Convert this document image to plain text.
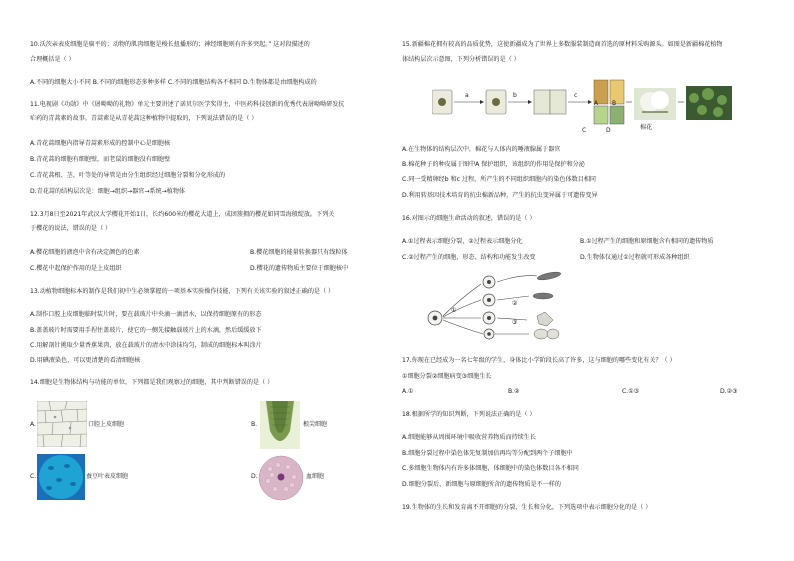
10.沃茨亲表皮细胞是扁平的；动物的肌肉细胞是梭长扭播形的；神经细胞则有许多突起。” 这对段描述的
合理概括是（ ）
A.不同的细胞大小不同 B.不同的细胞形态多种多样 C.不同的细胞结构各不相同 D.生物体都是由细胞构成的
11.电视剧《功勋》中《屠呦呦的礼物》单元主要讲述了诺贝尔医学奖得主，中医药科技创新的优秀代表屠呦呦研发抗
疟药的青蒿素的故事。青蒿素是从青花蒿这种植物中提取的，下列说法错误的是（ ）
A.青花蒿细胞内指导青蒿素形成的控制中心是细胞核
B.青花蒿的细胞有细胞壁，而老鼠的细胞没有细胞壁
C.青花蒿根、茎、叶等处的导管是由分生组织经过细胞分裂和分化形成的
D.青花蒿的结构层次是：细胞→组织→器官→系统→植物体
12.3月8日至2021年武汉大学樱花开始1日，长约600米的樱花大道上，成团簇拥的樱花如同雪海般绽放。下列关
于樱花的说法，错误的是（ ）
A.樱花细胞的液泡中含有决定颜色的色素	B.樱花细胞的能量转换器只有线粒体
C.樱花中起保护作用的是上皮组织	D.樱花的遗传物质主要位于细胞核中
13.动植物细胞标本的制作是我们初中生必须掌握的一项基本实验操作技能，下列有关该实验的叙述正确的是（ ）
A.制作口腔上皮细胞临时装片时，要在载玻片中央滴一滴清水，以保持细胞原有的形态
B.盖盖玻片时需要用手捏住盖玻片，使它的一侧先接触载玻片上的水滴，然后缓缓放下
C.用解剖针挑取少量香蕉果肉，放在载玻片的清水中涂抹均匀，制成的细胞标本叫涂片
D.用碘液染色，可以更清楚的看清细胞核
14.细胞是生物体结构与功能的单位，下列都是我们观察过的细胞，其中判断错误的是（ ）
A.	口腔上皮细胞	B.	根尖细胞
C.	蚕豆叶表皮细胞	D.	血细胞
15.新疆棉花拥有较高的品质优势，这使新疆成为了世界上多数服装制造商首选的原材料采购源头。如图是新疆棉花植物
体结构层次示意图，下列分析错误的是（ ）
a	b	c
A B
C	D	棉花
A.在生物体的结构层次中，棉花与人体内的唾液腺属于器官
B.棉花种子的种皮属于图中A 保护组织，该组织的作用是保护和分泌
C.同一受精卵经b 和c 过程，所产生的不同组织细胞内的染色体数目相同
D.利用转基因技术培育的抗虫棉新品种，产生的抗虫变异属于可遗传变异
16.对图示的细胞生命活动的叙述，错误的是（ ）
A.①过程表示细胞分裂，②过程表示细胞分化	B.①过程产生的细胞和原细胞含有相同的遗传物质
C.②过程产生的细胞，形态、结构和功能发生改变	D.生物体仅通过①过程就可形成各种组织
①
②
③
17.你现在已经成为一名七年级的学生，身体比小学阶段长高了许多，这与细胞的哪些变化有关？（ ）
①细胞分裂②细胞病变③细胞生长
A.①	B.②	C.①③	D.②③
18.根据所学的知识判断，下列说法正确的是（ ）
A.细胞能够从周围环境中吸收营养物质而持续生长
B.细胞分裂过程中染色体先复制加倍再均等分配到两个子细胞中
C.多细胞生物体内有许多体细胞，体细胞中的染色体数目各不相同
D.细胞分裂后，新细胞与原细胞所含的遗传物质是不一样的
19.生物体的生长和发育离不开细胞的分裂、生长和分化，下列选项中表示细胞分化的是（ ）
